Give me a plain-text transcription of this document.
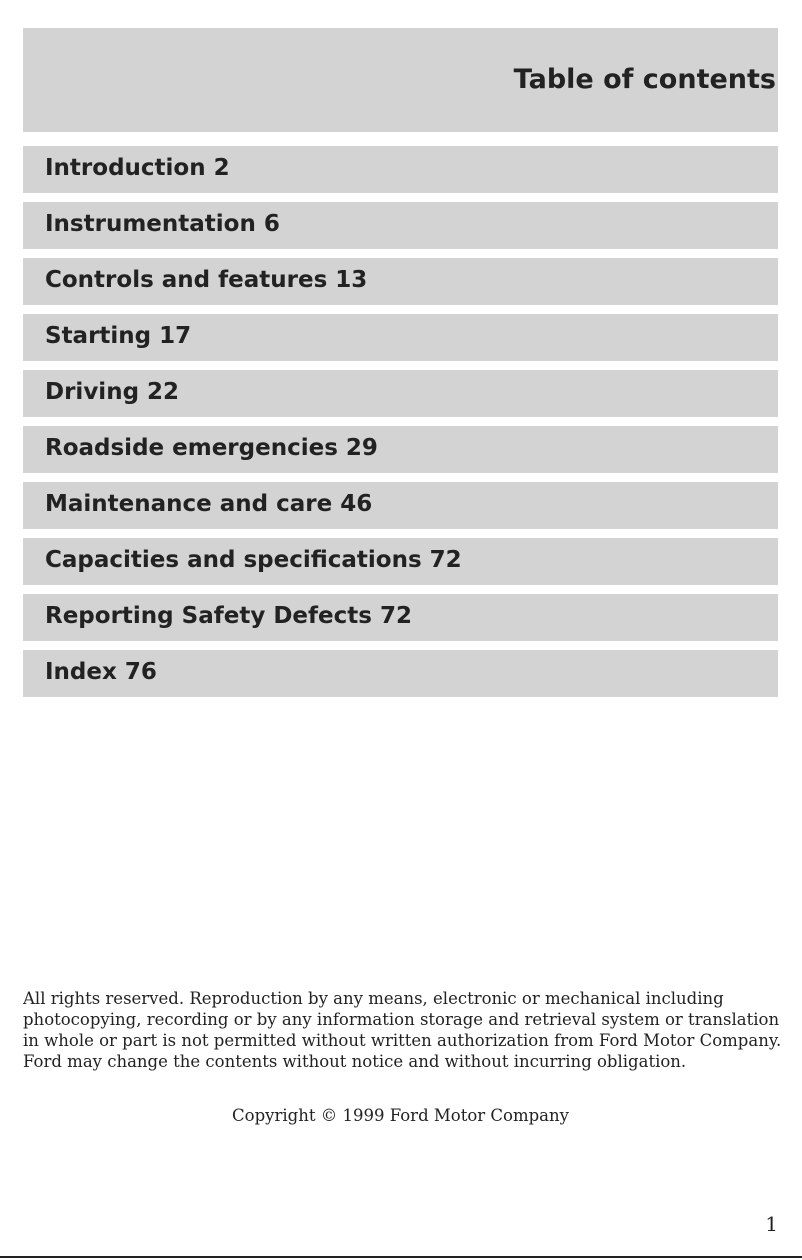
Table of contents
Introduction 2
Instrumentation 6
Controls and features 13
Starting 17
Driving 22
Roadside emergencies 29
Maintenance and care 46
Capacities and specifications 72
Reporting Safety Defects 72
Index 76

All rights reserved. Reproduction by any means, electronic or mechanical including photocopying, recording or by any information storage and retrieval system or translation in whole or part is not permitted without written authorization from Ford Motor Company. Ford may change the contents without notice and without incurring obligation.

Copyright © 1999 Ford Motor Company

1
